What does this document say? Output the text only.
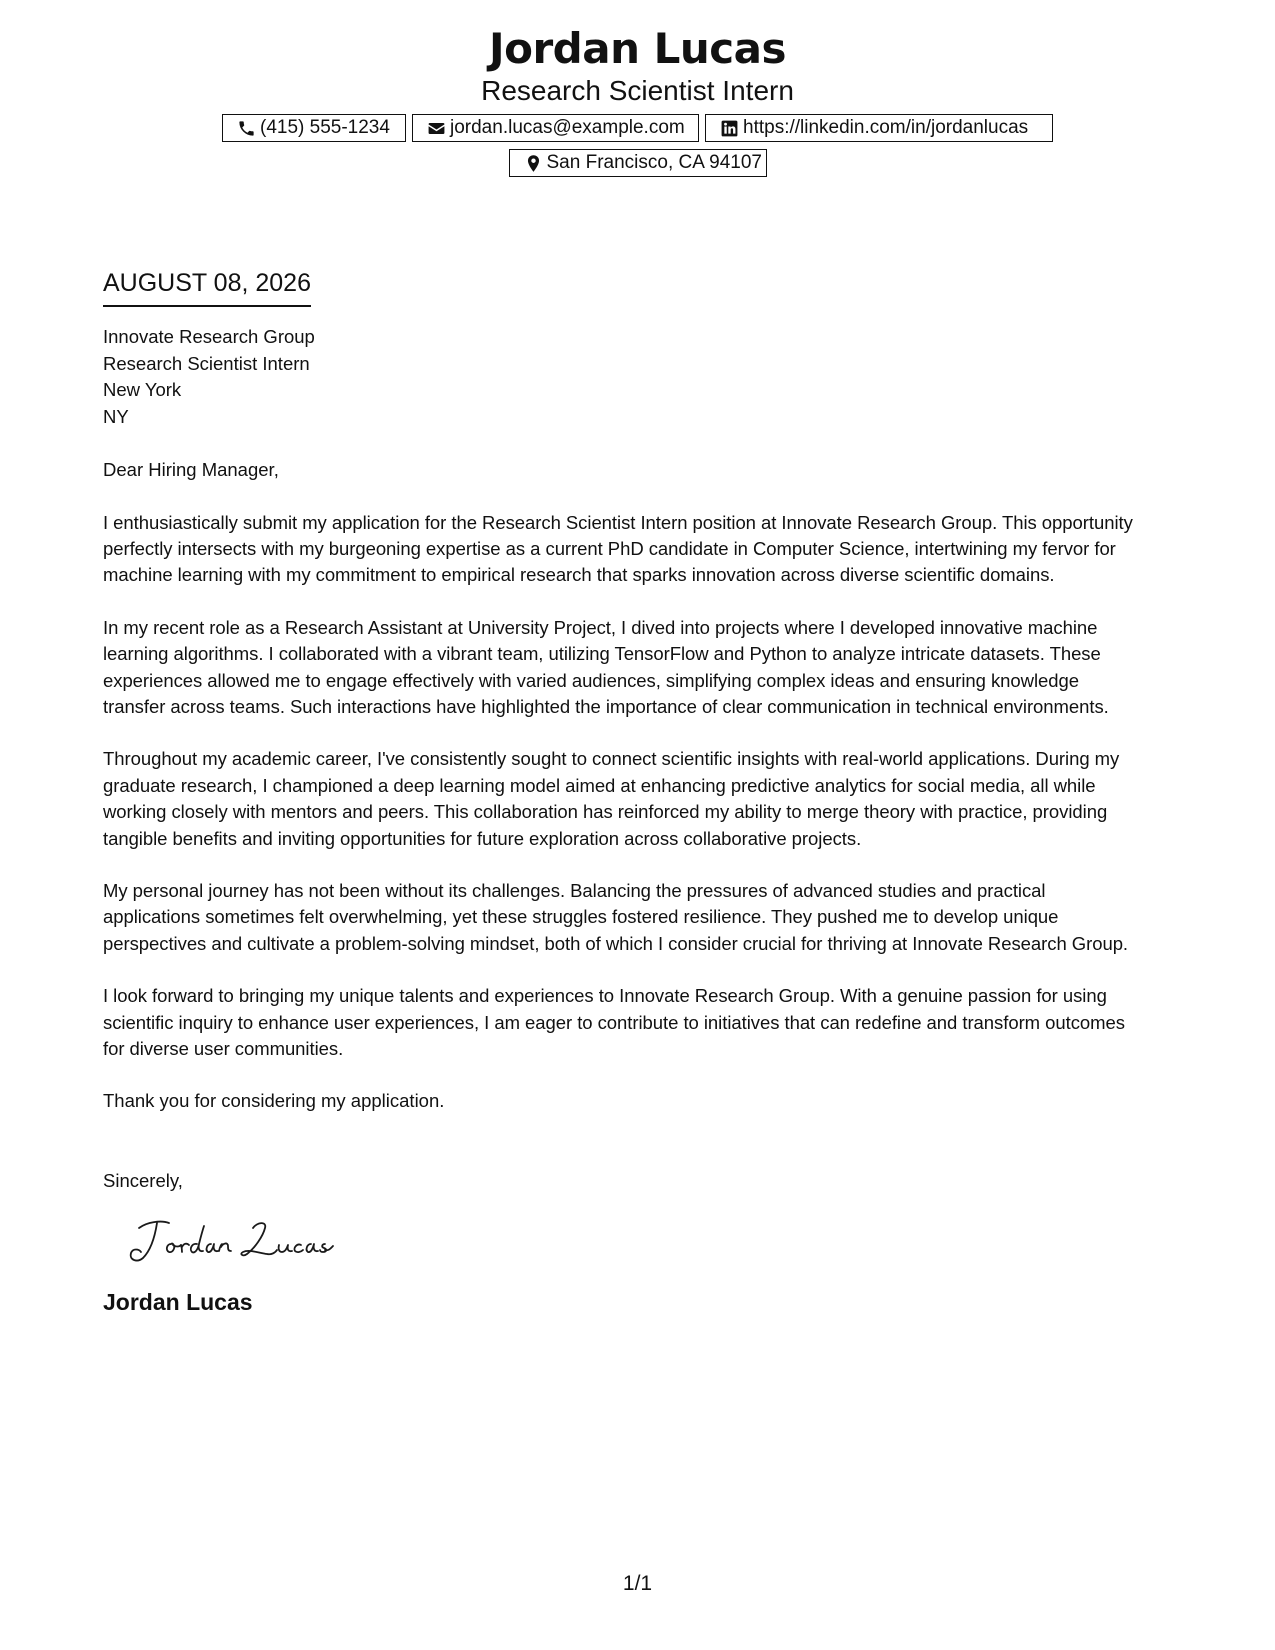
Jordan Lucas
Research Scientist Intern
(415) 555-1234	jordan.lucas@example.com	https://linkedin.com/in/jordanlucas
San Francisco, CA 94107
AUGUST 08, 2026
Innovate Research Group
Research Scientist Intern
New York
NY
Dear Hiring Manager,
I enthusiastically submit my application for the Research Scientist Intern position at Innovate Research Group. This opportunity
perfectly intersects with my burgeoning expertise as a current PhD candidate in Computer Science, intertwining my fervor for
machine learning with my commitment to empirical research that sparks innovation across diverse scientific domains.
In my recent role as a Research Assistant at University Project, I dived into projects where I developed innovative machine
learning algorithms. I collaborated with a vibrant team, utilizing TensorFlow and Python to analyze intricate datasets. These
experiences allowed me to engage effectively with varied audiences, simplifying complex ideas and ensuring knowledge
transfer across teams. Such interactions have highlighted the importance of clear communication in technical environments.
Throughout my academic career, I've consistently sought to connect scientific insights with real-world applications. During my
graduate research, I championed a deep learning model aimed at enhancing predictive analytics for social media, all while
working closely with mentors and peers. This collaboration has reinforced my ability to merge theory with practice, providing
tangible benefits and inviting opportunities for future exploration across collaborative projects.
My personal journey has not been without its challenges. Balancing the pressures of advanced studies and practical
applications sometimes felt overwhelming, yet these struggles fostered resilience. They pushed me to develop unique
perspectives and cultivate a problem-solving mindset, both of which I consider crucial for thriving at Innovate Research Group.
I look forward to bringing my unique talents and experiences to Innovate Research Group. With a genuine passion for using
scientific inquiry to enhance user experiences, I am eager to contribute to initiatives that can redefine and transform outcomes
for diverse user communities.
Thank you for considering my application.
Sincerely,
Jordan Lucas
1/1
